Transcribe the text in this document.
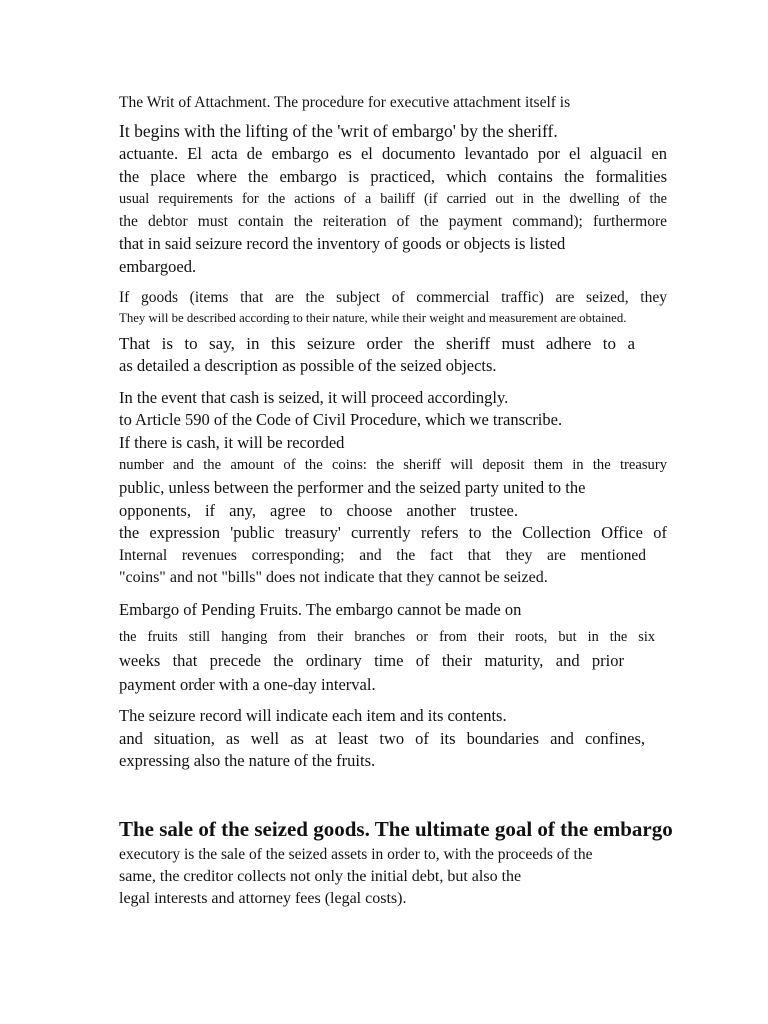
The Writ of Attachment. The procedure for executive attachment itself is
It begins with the lifting of the 'writ of embargo' by the sheriff.
actuante. El acta de embargo es el documento levantado por el alguacil en
the place where the embargo is practiced, which contains the formalities
usual requirements for the actions of a bailiff (if carried out in the dwelling of the
the debtor must contain the reiteration of the payment command); furthermore
that in said seizure record the inventory of goods or objects is listed
embargoed.
If goods (items that are the subject of commercial traffic) are seized, they
They will be described according to their nature, while their weight and measurement are obtained.
That is to say, in this seizure order the sheriff must adhere to a
as detailed a description as possible of the seized objects.
In the event that cash is seized, it will proceed accordingly.
to Article 590 of the Code of Civil Procedure, which we transcribe.
If there is cash, it will be recorded
number and the amount of the coins: the sheriff will deposit them in the treasury
public, unless between the performer and the seized party united to the
opponents, if any, agree to choose another trustee.
the expression 'public treasury' currently refers to the Collection Office of
Internal revenues corresponding; and the fact that they are mentioned
"coins" and not "bills" does not indicate that they cannot be seized.
Embargo of Pending Fruits. The embargo cannot be made on
the fruits still hanging from their branches or from their roots, but in the six
weeks that precede the ordinary time of their maturity, and prior
payment order with a one-day interval.
The seizure record will indicate each item and its contents.
and situation, as well as at least two of its boundaries and confines,
expressing also the nature of the fruits.
The sale of the seized goods. The ultimate goal of the embargo
executory is the sale of the seized assets in order to, with the proceeds of the
same, the creditor collects not only the initial debt, but also the
legal interests and attorney fees (legal costs).
